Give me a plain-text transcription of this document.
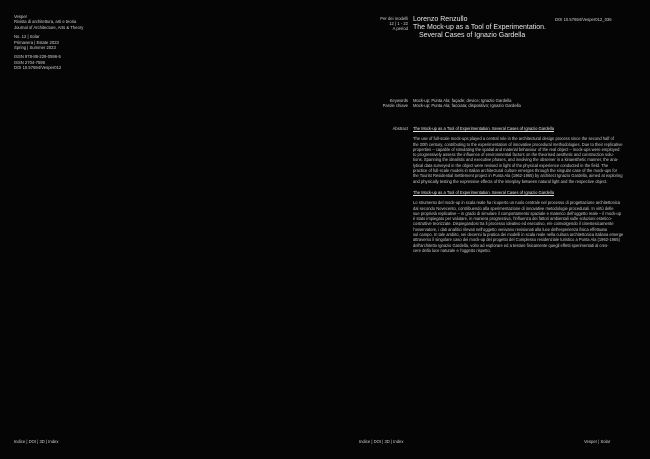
Vesper
Rivista di architettura, arti e teoria
Journal of Architecture, Arts & Theory
No. 12 | Solar
Primavera | Estate 2023
Spring | Summer 2023
ISSN 978-88-229-0596-5
ISSN 2704-7598
DOI 10.57694/Vesper012
Indice | DOI | 3D | Index
Per dei modelli
12 | 1 - 22
A period
Lorenzo Renzullo
The Mock-up as a Tool of Experimentation.
Several Cases of Ignazio Gardella
DOI 10.57694/Vesper012_036
Keywords
Parole chiave
Mock-up; Punta Ala; façade; device; Ignazio Gardella
Mock-up; Punta Ala; facciata; dispositivo; Ignazio Gardella
Abstract The Mock-up as a Tool of Experimentation. Several Cases of Ignazio Gardella

The use of full-scale mock-ups played a central role in the architectural design process since the second half of
the 20th century, contributing to the experimentation of innovative procedural methodologies. Due to their replicative
properties – capable of simulating the spatial and material behaviour of the real object – mock-ups were employed
to progressively assess the influence of environmental factors on the theorised aesthetic and construction solu-
tions. Spanning the idealistic and executive phases, and involving the observer in a kinaesthetic manner, the ana-
lytical data surveyed in the object were revised in light of the physical experience conducted in the field. The
practice of full-scale models in Italian architectural culture emerges through the singular case of the mock-ups for
the Tourist Residential Settlement project in Punta Ala (1962-1965) by architect Ignazio Gardella, aimed at exploring
and physically testing the expressive effects of the interplay between natural light and the respective object.

The Mock-up as a Tool of Experimentation. Several Cases of Ignazio Gardella

Lo strumento del mock-up in scala reale ha ricoperto un ruolo centrale nel processo di progettazione architettonica
dal secondo Novecento, contribuendo alla sperimentazione di innovative metodologie procedurali. In virtù delle
sue proprietà replicative – in grado di simulare il comportamento spaziale e materico dell'oggetto reale – il mock-up
è stato impiegato per valutare, in maniera progressiva, l'influenza dei fattori ambientali sulle soluzioni estetico-
costruttive teorizzate. Dispiegandosi tra il processo ideativo ed esecutivo, e/e coinvolgendo il cinestesicamente
l'osservatore, i dati analitici rilevati nell'oggetto venivano revisionati alla luce dell'esperienza fisica effettuata
sul campo. In tale ambito, nei decenni la pratica dei modelli in scala reale nella cultura architettonica italiana emerge
attraverso il singolare caso dei mock-up del progetto del Complesso residenziale turistico a Punta Ala (1962-1965)
dell'architetto Ignazio Gardella, volto ad esplorare ed a testare fisicamente quegli effetti sperimentati al cres-
cere della luce naturale e l'oggetto rispetto.

Indice | DOI | 3D | Index	Vesper | Solar
